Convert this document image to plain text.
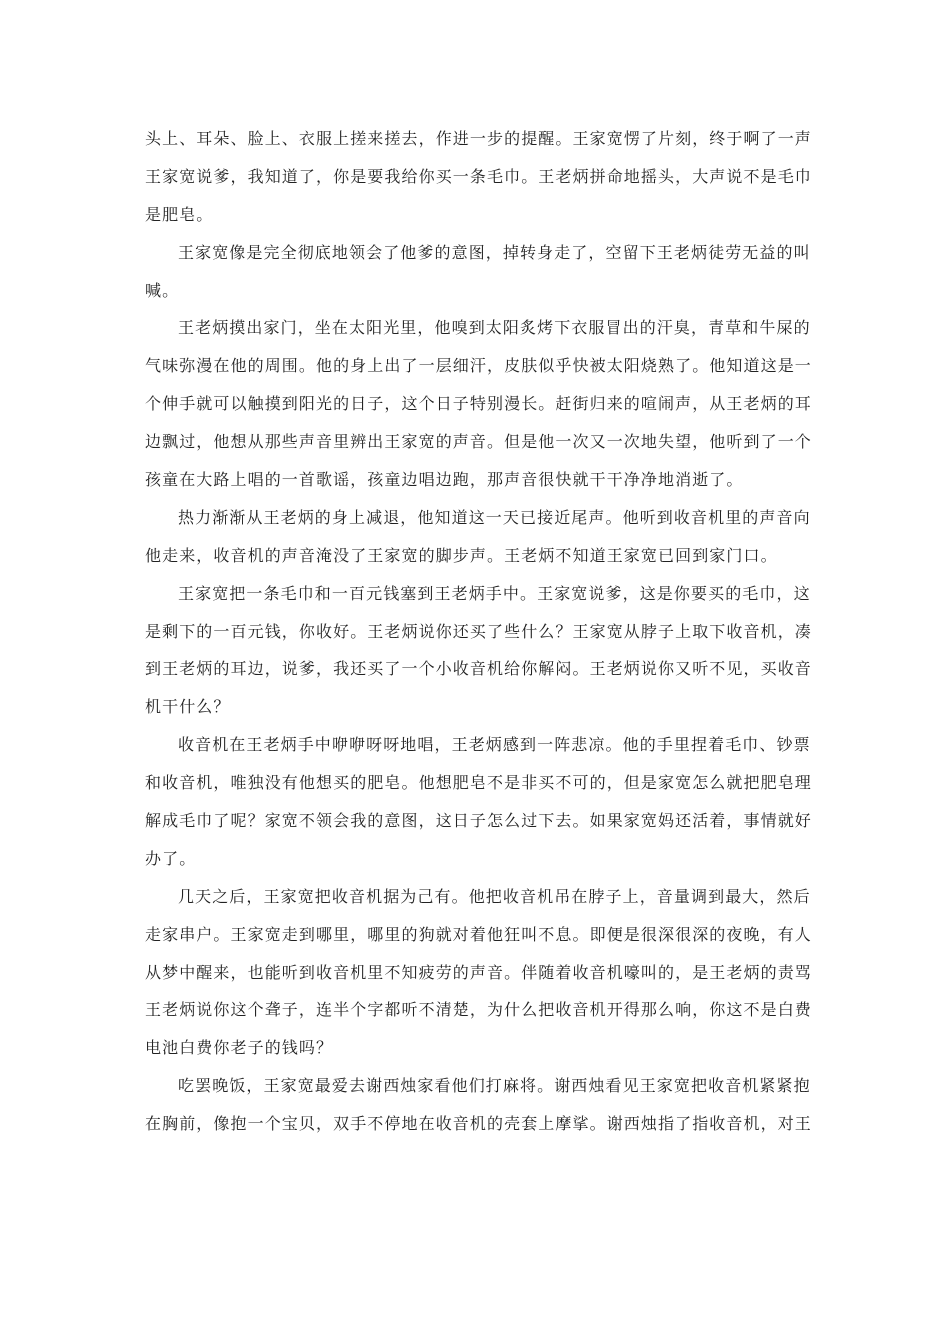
头上、耳朵、脸上、衣服上搓来搓去，作进一步的提醒。王家宽愣了片刻，终于啊了一声
王家宽说爹，我知道了，你是要我给你买一条毛巾。王老炳拼命地摇头，大声说不是毛巾
是肥皂。
王家宽像是完全彻底地领会了他爹的意图，掉转身走了，空留下王老炳徒劳无益的叫
喊。
王老炳摸出家门，坐在太阳光里，他嗅到太阳炙烤下衣服冒出的汗臭，青草和牛屎的
气味弥漫在他的周围。他的身上出了一层细汗，皮肤似乎快被太阳烧熟了。他知道这是一
个伸手就可以触摸到阳光的日子，这个日子特别漫长。赶街归来的喧闹声，从王老炳的耳
边飘过，他想从那些声音里辨出王家宽的声音。但是他一次又一次地失望，他听到了一个
孩童在大路上唱的一首歌谣，孩童边唱边跑，那声音很快就干干净净地消逝了。
热力渐渐从王老炳的身上减退，他知道这一天已接近尾声。他听到收音机里的声音向
他走来，收音机的声音淹没了王家宽的脚步声。王老炳不知道王家宽已回到家门口。
王家宽把一条毛巾和一百元钱塞到王老炳手中。王家宽说爹，这是你要买的毛巾，这
是剩下的一百元钱，你收好。王老炳说你还买了些什么？王家宽从脖子上取下收音机，凑
到王老炳的耳边，说爹，我还买了一个小收音机给你解闷。王老炳说你又听不见，买收音
机干什么？
收音机在王老炳手中咿咿呀呀地唱，王老炳感到一阵悲凉。他的手里捏着毛巾、钞票
和收音机，唯独没有他想买的肥皂。他想肥皂不是非买不可的，但是家宽怎么就把肥皂理
解成毛巾了呢？家宽不领会我的意图，这日子怎么过下去。如果家宽妈还活着，事情就好
办了。
几天之后，王家宽把收音机据为己有。他把收音机吊在脖子上，音量调到最大，然后
走家串户。王家宽走到哪里，哪里的狗就对着他狂叫不息。即便是很深很深的夜晚，有人
从梦中醒来，也能听到收音机里不知疲劳的声音。伴随着收音机嚎叫的，是王老炳的责骂
王老炳说你这个聋子，连半个字都听不清楚，为什么把收音机开得那么响，你这不是白费
电池白费你老子的钱吗？
吃罢晚饭，王家宽最爱去谢西烛家看他们打麻将。谢西烛看见王家宽把收音机紧紧抱
在胸前，像抱一个宝贝，双手不停地在收音机的壳套上摩挲。谢西烛指了指收音机，对王
